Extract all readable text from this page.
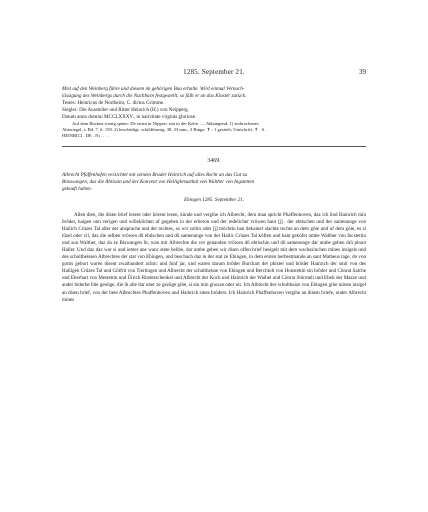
1285. September 21.	39
Mist auf den Weinberg führe und diesem im gehörigen Bau erhalte. Wird einmal Vernach-
lässigung des Weinbergs durch die Nachbarn festgestellt, so fällt er an das Kloster zurück.
Testes: Heinricus de Northeim, C. dictus Grimme.
Siegler: Die Aussteller und Ritter Heinrich (H.) von Neipperg.
Datum anno domini MCCLXXXV., in nativitate virginis gloriose.
Auf dem Rücken wenig später: De vinea in Nipperc sita in der Kelre. — Abhangend: 1) zerbrochenes
Abtssiegel, s. Bd. 7, S. 159. 2) beschädigt, schildförmig, 38, 33 mm., 3 Ringe, ✝ : 1 gestielt; Umschrift: ✝ . S .
HEINRICI . DE . Ni . . . .
3469.
Albrecht Pfaffenhofen verzichtet mit seinem Bruder Heinrich auf alles Recht an das Gut zu
Binswangen, das die Äbtissin und der Konvent von Heiligkreuzthal von Walther von Ingstetten
gekauft haben.
Ebingen 1285. September 21.

Allen dien, die disen brief lesent oder hôrent lesen, künde und vergihe ich Albrecht, dem man spricht Phaffenhoven, daz ich ûnd Hainrich min brôder, haigen unn verigen und willeklichen uf gegeben in der erberon und der redelicher vrôwen hant [j] . der ebtischen und der samenunge von Hailich Crùzes Tal aller der ansprache und der rechtes, so wir soltin oder [j] môchtin han dekainer slachte rechte an dem gôte und uf dem gôte, es si lûzel oder vil, daz die selben vrôwen dû ebtischen und dû samenunge von der Hailic Crùzes Tal kôften und hant gekôfet umbe Walther von Incstettin und sun Walther, daz da ze Biswangen lit, wan mir Albrechte die vor genanden vrôwen dû ebtischin und dû samenunge dar umbe geben drû phunt Haller. Und daz daz war si und iemer ane wanc stete belibe, dar umbe geben wir disen offen brief besigelt mit dem wachssinchen mines insigels und des schultheissen Albrechtes der stat von Ebingen, und beschach daz in der stat ze Ebingen, in dem ersten herbestmande an sant Matheus tage, do von gottis geburt waren tûsent zwaihundert achtic und funf jar, und waren darum brôder Burchart der phister und brôder Hainrich der smit von des Hailigen Crûzes Tal und Gôtfrit von Tiertingen und Albrecht der schultheisse von Ebingen und Berchtolt von Honstettin sin brôder und Cônrat Salche und Eberhart von Mestettin und Ûlrich Rinderschenkel und Albrecht der Koch und Hainrich der Waibel und Cônrat Stürmeli und Ebeli der Mazze und ander biderbe lûte genûge, die ih alle dar uber ze gezûge gibe, si sin min gnozze oder nit. Ich Albrecht der schulthaize von Ebingen gibe minen insigel an disen brief, von der bete Albrechtes Phaffenhoven und Hainrich sines brôders. Ich Hainrich Phaffenhoven vergihe an disem briefe, under Albrecht mines
